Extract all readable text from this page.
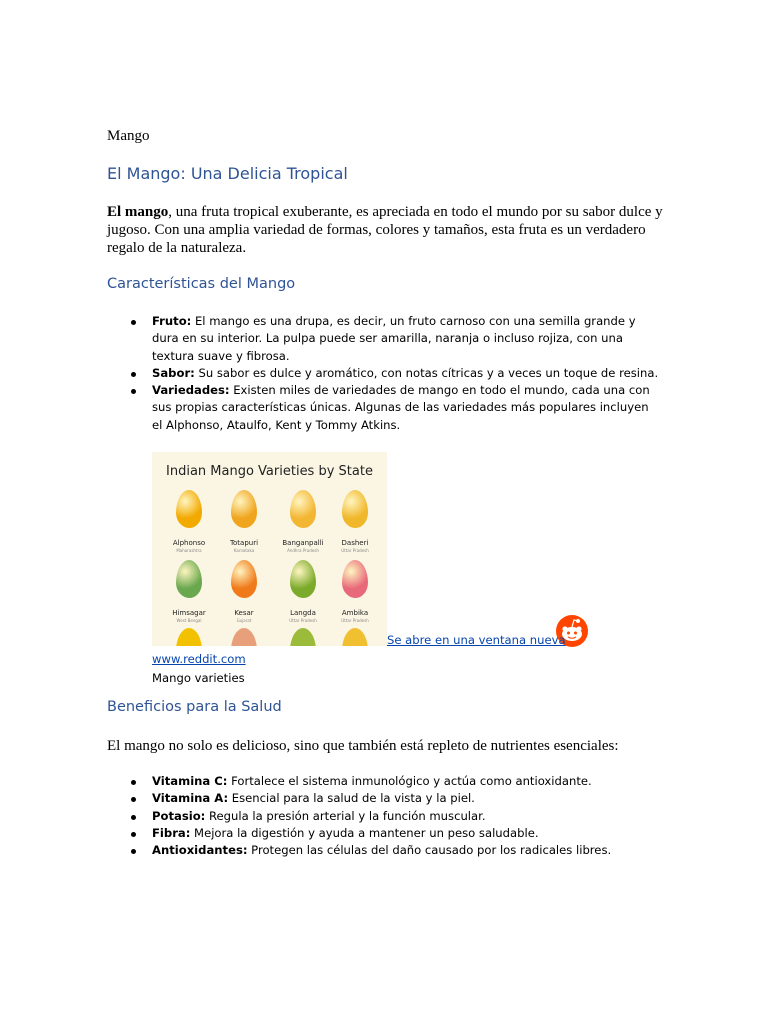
Mango
El Mango: Una Delicia Tropical

El mango, una fruta tropical exuberante, es apreciada en todo el mundo por su sabor dulce y jugoso. Con una amplia variedad de formas, colores y tamaños, esta fruta es un verdadero regalo de la naturaleza.

Características del Mango
Fruto: El mango es una drupa, es decir, un fruto carnoso con una semilla grande y dura en su interior. La pulpa puede ser amarilla, naranja o incluso rojiza, con una textura suave y fibrosa.
Sabor: Su sabor es dulce y aromático, con notas cítricas y a veces un toque de resina.
Variedades: Existen miles de variedades de mango en todo el mundo, cada una con sus propias características únicas. Algunas de las variedades más populares incluyen el Alphonso, Ataulfo, Kent y Tommy Atkins.
Indian Mango Varieties by State
Alphonso
Maharashtra
Totapuri
Karnataka
Banganpalli
Andhra Pradesh
Dasheri
Uttar Pradesh
Himsagar
West Bengal
Kesar
Gujarat
Langda
Uttar Pradesh
Ambika
Uttar Pradesh
Se abre en una ventana nueva
www.reddit.com
Mango varieties
Beneficios para la Salud
El mango no solo es delicioso, sino que también está repleto de nutrientes esenciales:
Vitamina C: Fortalece el sistema inmunológico y actúa como antioxidante.
Vitamina A: Esencial para la salud de la vista y la piel.
Potasio: Regula la presión arterial y la función muscular.
Fibra: Mejora la digestión y ayuda a mantener un peso saludable.
Antioxidantes: Protegen las células del daño causado por los radicales libres.
